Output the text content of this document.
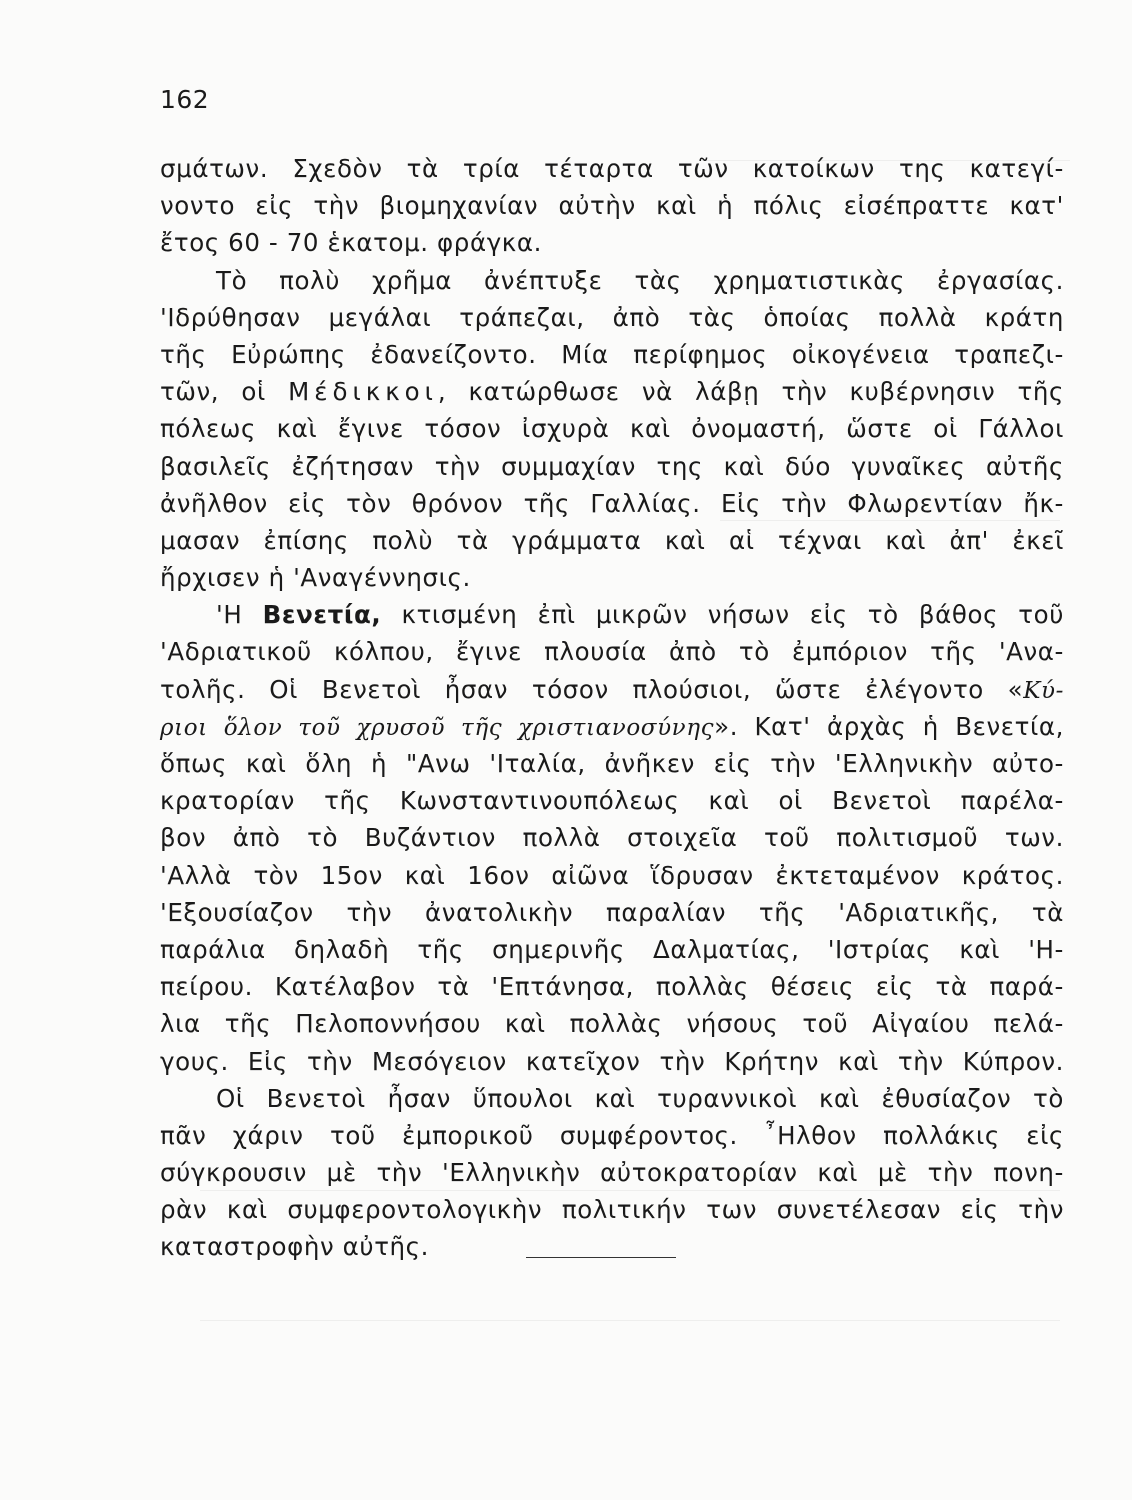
162
σμάτων. Σχεδὸν τὰ τρία τέταρτα τῶν κατοίκων της κατεγί-
νοντο εἰς τὴν βιομηχανίαν αὐτὴν καὶ ἡ πόλις εἰσέπραττε κατ'
ἔτος 60 - 70 ἑκατομ. φράγκα.
Τὸ πολὺ χρῆμα ἀνέπτυξε τὰς χρηματιστικὰς ἐργασίας.
'Ιδρύθησαν μεγάλαι τράπεζαι, ἀπὸ τὰς ὁποίας πολλὰ κράτη
τῆς Εὐρώπης ἐδανείζοντο. Μία περίφημος οἰκογένεια τραπεζι-
τῶν, οἱ Μέδικκοι, κατώρθωσε νὰ λάβῃ τὴν κυβέρνησιν τῆς
πόλεως καὶ ἔγινε τόσον ἰσχυρὰ καὶ ὀνομαστή, ὥστε οἱ Γάλλοι
βασιλεῖς ἐζήτησαν τὴν συμμαχίαν της καὶ δύο γυναῖκες αὐτῆς
ἀνῆλθον εἰς τὸν θρόνον τῆς Γαλλίας. Εἰς τὴν Φλωρεντίαν ἤκ-
μασαν ἐπίσης πολὺ τὰ γράμματα καὶ αἱ τέχναι καὶ ἀπ' ἐκεῖ
ἤρχισεν ἡ 'Αναγέννησις.
'Η Βενετία, κτισμένη ἐπὶ μικρῶν νήσων εἰς τὸ βάθος τοῦ
'Αδριατικοῦ κόλπου, ἔγινε πλουσία ἀπὸ τὸ ἐμπόριον τῆς 'Ανα-
τολῆς. Οἱ Βενετοὶ ἦσαν τόσον πλούσιοι, ὥστε ἐλέγοντο «Κύ-
ριοι ὅλον τοῦ χρυσοῦ τῆς χριστιανοσύνης». Κατ' ἀρχὰς ἡ Βενετία,
ὅπως καὶ ὅλη ἡ "Ανω 'Ιταλία, ἀνῆκεν εἰς τὴν 'Ελληνικὴν αὐτο-
κρατορίαν τῆς Κωνσταντινουπόλεως καὶ οἱ Βενετοὶ παρέλα-
βον ἀπὸ τὸ Βυζάντιον πολλὰ στοιχεῖα τοῦ πολιτισμοῦ των.
'Αλλὰ τὸν 15ον καὶ 16ον αἰῶνα ἵδρυσαν ἐκτεταμένον κράτος.
'Εξουσίαζον τὴν ἀνατολικὴν παραλίαν τῆς 'Αδριατικῆς, τὰ
παράλια δηλαδὴ τῆς σημερινῆς Δαλματίας, 'Ιστρίας καὶ 'Η-
πείρου. Κατέλαβον τὰ 'Επτάνησα, πολλὰς θέσεις εἰς τὰ παρά-
λια τῆς Πελοποννήσου καὶ πολλὰς νήσους τοῦ Αἰγαίου πελά-
γους. Εἰς τὴν Μεσόγειον κατεῖχον τὴν Κρήτην καὶ τὴν Κύπρον.
Οἱ Βενετοὶ ἦσαν ὕπουλοι καὶ τυραννικοὶ καὶ ἐθυσίαζον τὸ
πᾶν χάριν τοῦ ἐμπορικοῦ συμφέροντος. ῏Ηλθον πολλάκις εἰς
σύγκρουσιν μὲ τὴν 'Ελληνικὴν αὐτοκρατορίαν καὶ μὲ τὴν πονη-
ρὰν καὶ συμφεροντολογικὴν πολιτικήν των συνετέλεσαν εἰς τὴν
καταστροφὴν αὐτῆς.
